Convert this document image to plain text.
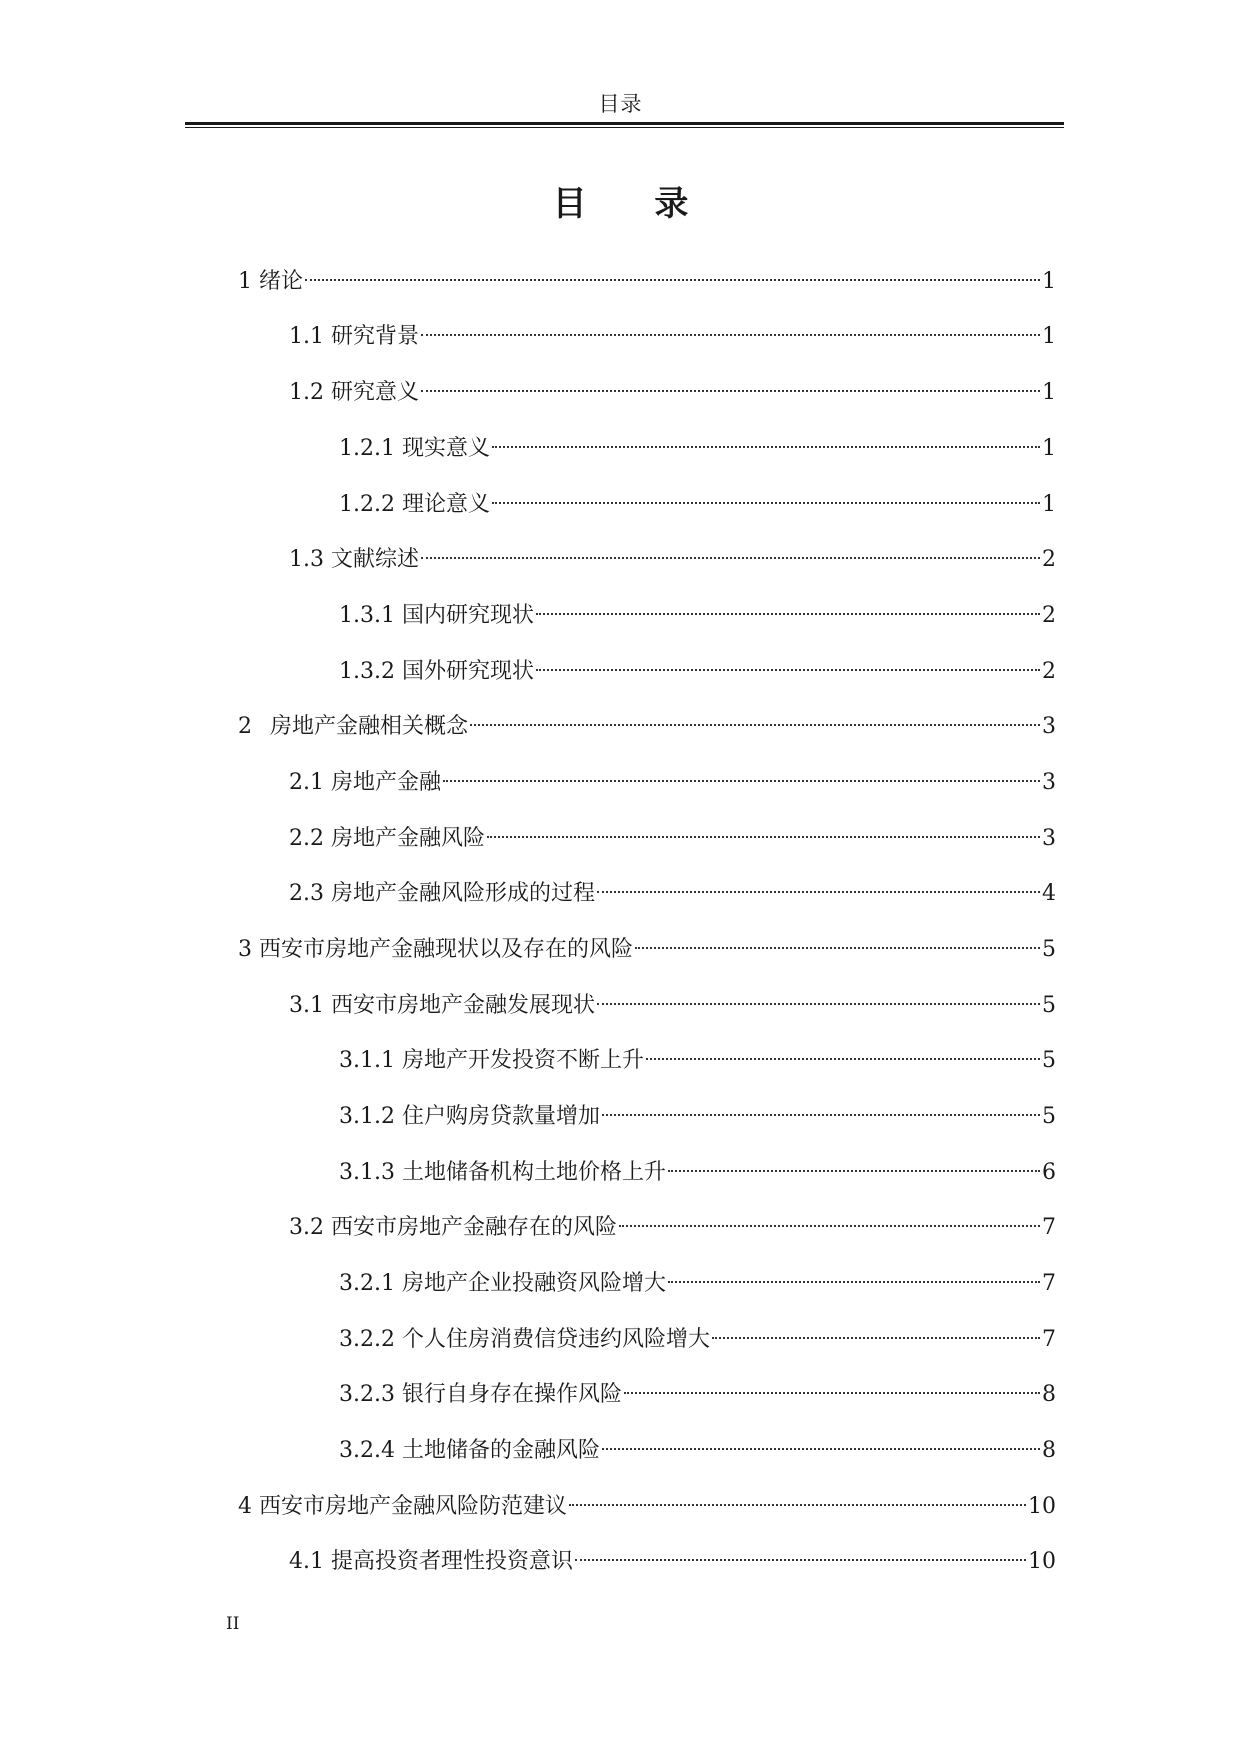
目录
目 录
1 绪论	1
1.1 研究背景	1
1.2 研究意义	1
1.2.1 现实意义	1
1.2.2 理论意义	1
1.3 文献综述	2
1.3.1 国内研究现状	2
1.3.2 国外研究现状	2
2 房地产金融相关概念	3
2.1 房地产金融	3
2.2 房地产金融风险	3
2.3 房地产金融风险形成的过程	4
3 西安市房地产金融现状以及存在的风险	5
3.1 西安市房地产金融发展现状	5
3.1.1 房地产开发投资不断上升	5
3.1.2 住户购房贷款量增加	5
3.1.3 土地储备机构土地价格上升	6
3.2 西安市房地产金融存在的风险	7
3.2.1 房地产企业投融资风险增大	7
3.2.2 个人住房消费信贷违约风险增大	7
3.2.3 银行自身存在操作风险	8
3.2.4 土地储备的金融风险	8
4 西安市房地产金融风险防范建议	10
4.1 提高投资者理性投资意识	10
II
